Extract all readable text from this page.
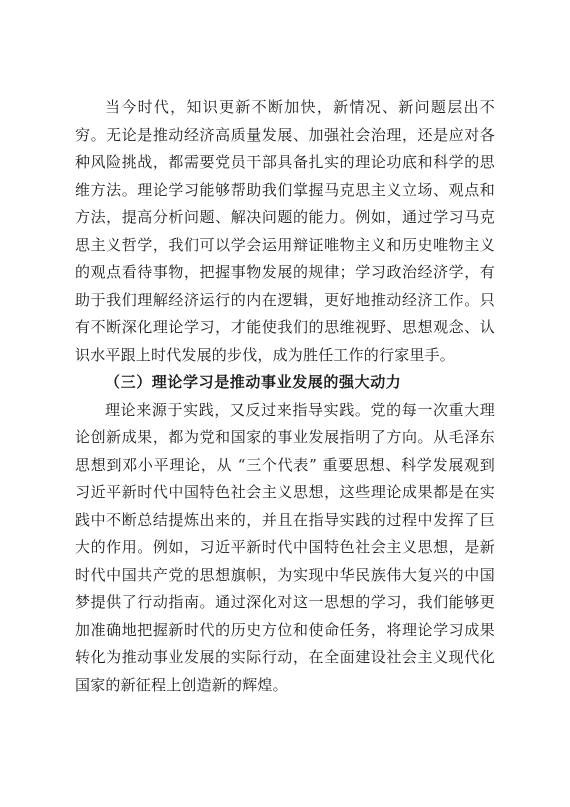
当今时代，知识更新不断加快，新情况、新问题层出不穷。无论是推动经济高质量发展、加强社会治理，还是应对各种风险挑战，都需要党员干部具备扎实的理论功底和科学的思维方法。理论学习能够帮助我们掌握马克思主义立场、观点和方法，提高分析问题、解决问题的能力。例如，通过学习马克思主义哲学，我们可以学会运用辩证唯物主义和历史唯物主义的观点看待事物，把握事物发展的规律；学习政治经济学，有助于我们理解经济运行的内在逻辑，更好地推动经济工作。只有不断深化理论学习，才能使我们的思维视野、思想观念、认识水平跟上时代发展的步伐，成为胜任工作的行家里手。

（三）理论学习是推动事业发展的强大动力

理论来源于实践，又反过来指导实践。党的每一次重大理论创新成果，都为党和国家的事业发展指明了方向。从毛泽东思想到邓小平理论，从 “三个代表” 重要思想、科学发展观到习近平新时代中国特色社会主义思想，这些理论成果都是在实践中不断总结提炼出来的，并且在指导实践的过程中发挥了巨大的作用。例如，习近平新时代中国特色社会主义思想，是新时代中国共产党的思想旗帜，为实现中华民族伟大复兴的中国梦提供了行动指南。通过深化对这一思想的学习，我们能够更加准确地把握新时代的历史方位和使命任务，将理论学习成果转化为推动事业发展的实际行动，在全面建设社会主义现代化国家的新征程上创造新的辉煌。
